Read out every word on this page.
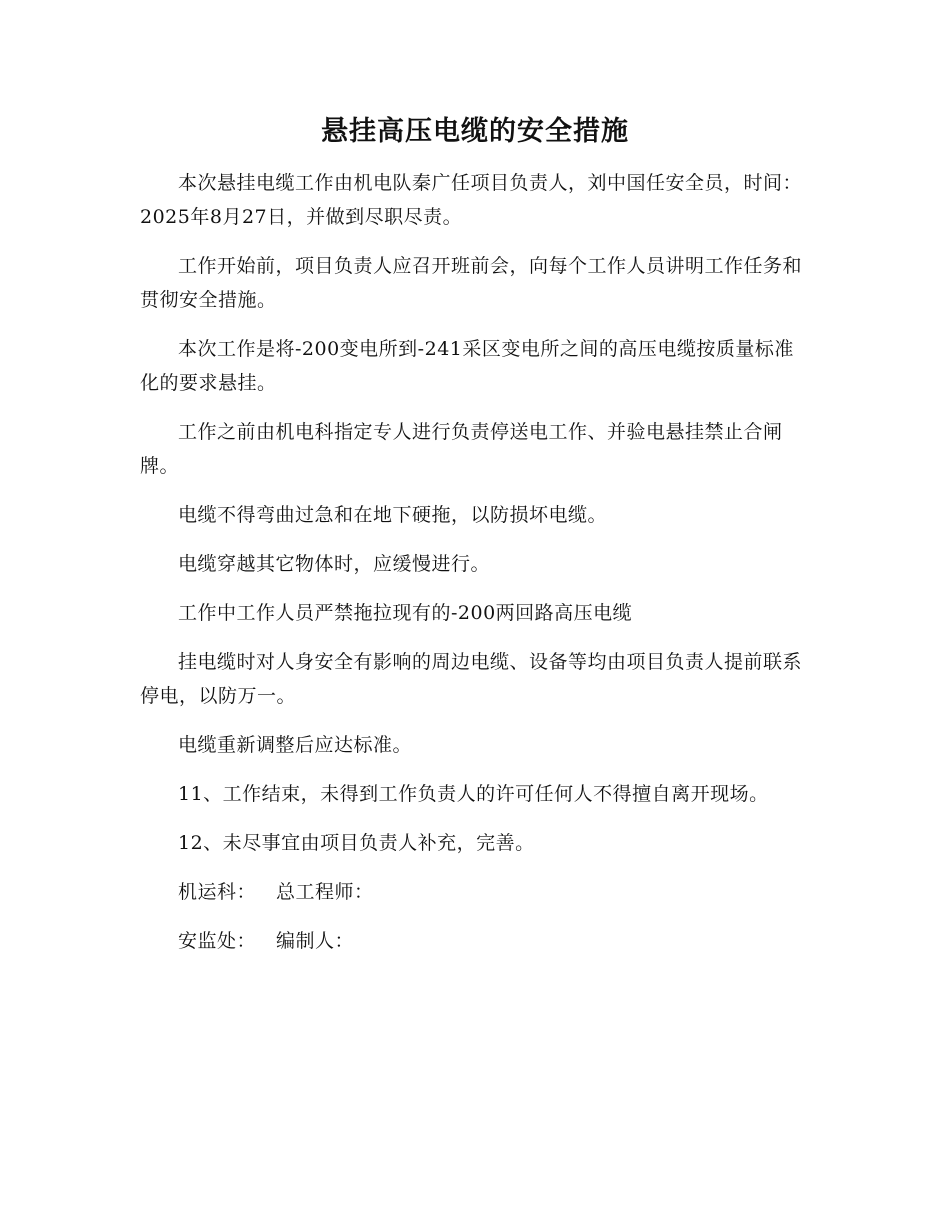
悬挂高压电缆的安全措施

本次悬挂电缆工作由机电队秦广任项目负责人，刘中国任安全员，时间：2025年8月27日，并做到尽职尽责。

工作开始前，项目负责人应召开班前会，向每个工作人员讲明工作任务和贯彻安全措施。

本次工作是将-200变电所到-241采区变电所之间的高压电缆按质量标准化的要求悬挂。

工作之前由机电科指定专人进行负责停送电工作、并验电悬挂禁止合闸牌。

电缆不得弯曲过急和在地下硬拖，以防损坏电缆。

电缆穿越其它物体时，应缓慢进行。

工作中工作人员严禁拖拉现有的-200两回路高压电缆

挂电缆时对人身安全有影响的周边电缆、设备等均由项目负责人提前联系停电，以防万一。

电缆重新调整后应达标准。

11、工作结束，未得到工作负责人的许可任何人不得擅自离开现场。

12、未尽事宜由项目负责人补充，完善。

机运科： 总工程师：

安监处： 编制人：
